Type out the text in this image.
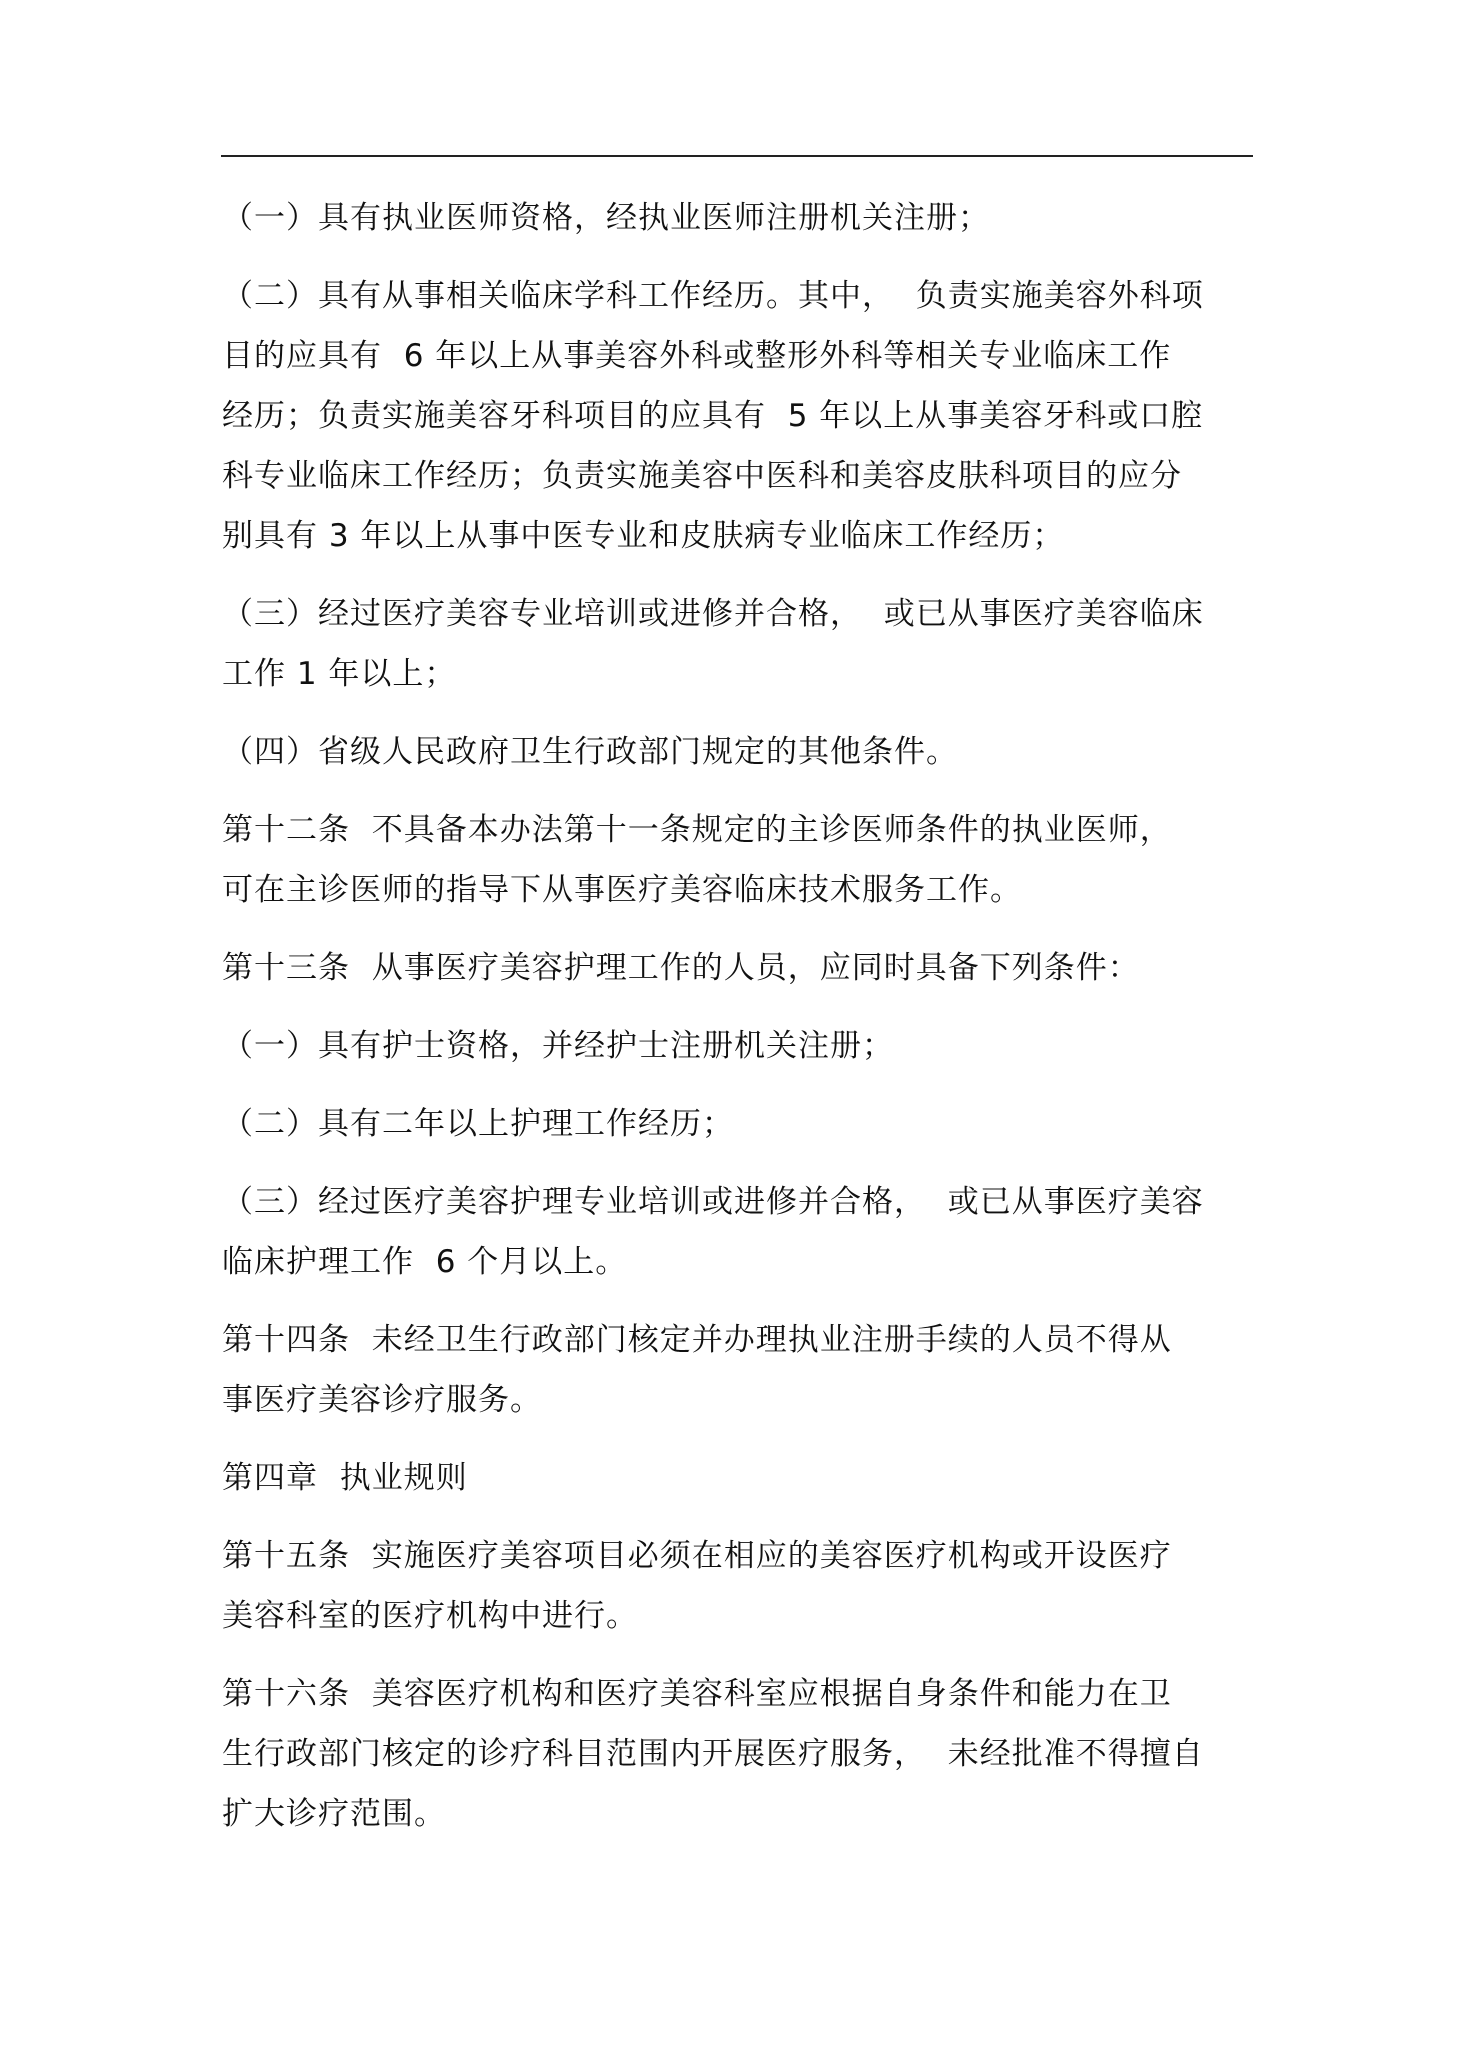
（一）具有执业医师资格，经执业医师注册机关注册；
（二）具有从事相关临床学科工作经历。其中，  负责实施美容外科项
目的应具有  6 年以上从事美容外科或整形外科等相关专业临床工作
经历；负责实施美容牙科项目的应具有  5 年以上从事美容牙科或口腔
科专业临床工作经历；负责实施美容中医科和美容皮肤科项目的应分
别具有 3 年以上从事中医专业和皮肤病专业临床工作经历；
（三）经过医疗美容专业培训或进修并合格，  或已从事医疗美容临床
工作 1 年以上；
（四）省级人民政府卫生行政部门规定的其他条件。
第十二条  不具备本办法第十一条规定的主诊医师条件的执业医师，
可在主诊医师的指导下从事医疗美容临床技术服务工作。
第十三条  从事医疗美容护理工作的人员，应同时具备下列条件：
（一）具有护士资格，并经护士注册机关注册；
（二）具有二年以上护理工作经历；
（三）经过医疗美容护理专业培训或进修并合格，  或已从事医疗美容
临床护理工作  6 个月以上。
第十四条  未经卫生行政部门核定并办理执业注册手续的人员不得从
事医疗美容诊疗服务。
第四章  执业规则
第十五条  实施医疗美容项目必须在相应的美容医疗机构或开设医疗
美容科室的医疗机构中进行。
第十六条  美容医疗机构和医疗美容科室应根据自身条件和能力在卫
生行政部门核定的诊疗科目范围内开展医疗服务，  未经批准不得擅自
扩大诊疗范围。
